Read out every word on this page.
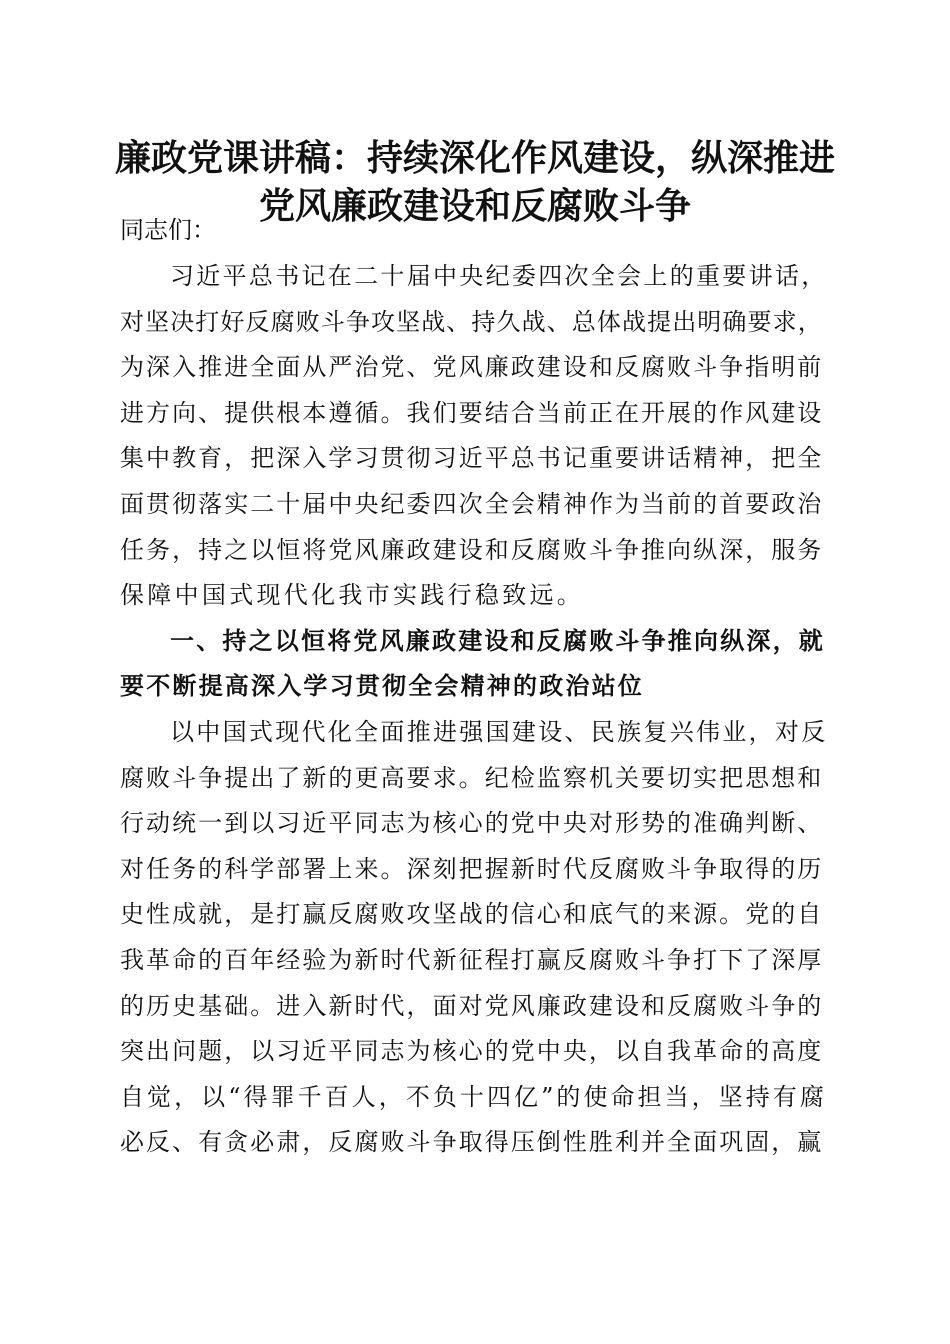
廉政党课讲稿：持续深化作风建设，纵深推进
党风廉政建设和反腐败斗争

同志们：

习近平总书记在二十届中央纪委四次全会上的重要讲话，
对坚决打好反腐败斗争攻坚战、持久战、总体战提出明确要求，
为深入推进全面从严治党、党风廉政建设和反腐败斗争指明前
进方向、提供根本遵循。我们要结合当前正在开展的作风建设
集中教育，把深入学习贯彻习近平总书记重要讲话精神，把全
面贯彻落实二十届中央纪委四次全会精神作为当前的首要政治
任务，持之以恒将党风廉政建设和反腐败斗争推向纵深，服务
保障中国式现代化我市实践行稳致远。
一、持之以恒将党风廉政建设和反腐败斗争推向纵深，就
要不断提高深入学习贯彻全会精神的政治站位
以中国式现代化全面推进强国建设、民族复兴伟业，对反
腐败斗争提出了新的更高要求。纪检监察机关要切实把思想和
行动统一到以习近平同志为核心的党中央对形势的准确判断、
对任务的科学部署上来。深刻把握新时代反腐败斗争取得的历
史性成就，是打赢反腐败攻坚战的信心和底气的来源。党的自
我革命的百年经验为新时代新征程打赢反腐败斗争打下了深厚
的历史基础。进入新时代，面对党风廉政建设和反腐败斗争的
突出问题，以习近平同志为核心的党中央，以自我革命的高度
自觉，以“得罪千百人，不负十四亿”的使命担当，坚持有腐
必反、有贪必肃，反腐败斗争取得压倒性胜利并全面巩固，赢
